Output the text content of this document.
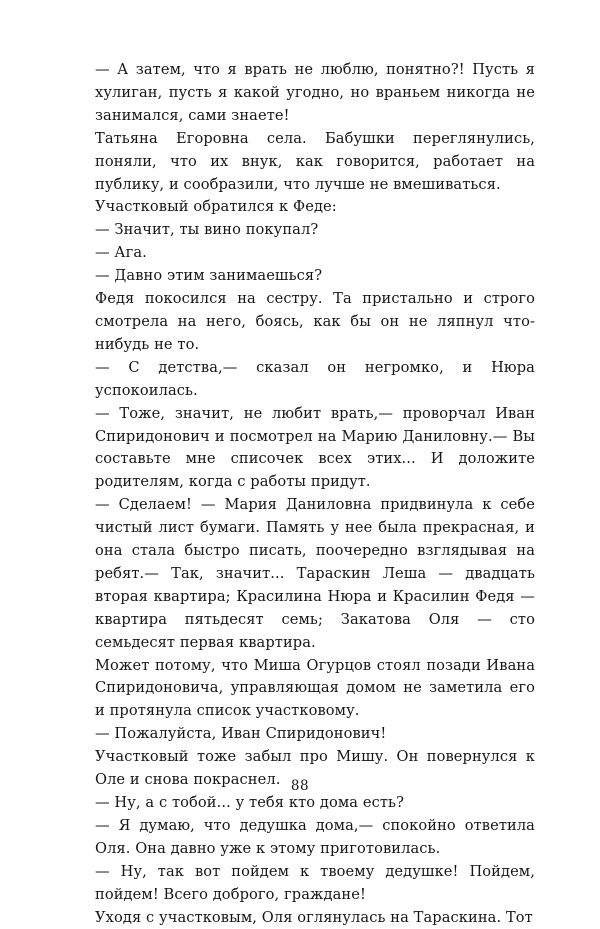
— А затем, что я врать не люблю, понятно?! Пусть я хулиган, пусть я какой угодно, но враньем никогда не занимался, сами знаете!

Татьяна Егоровна села. Бабушки переглянулись, поняли, что их внук, как говорится, работает на публику, и сообразили, что лучше не вмешиваться.

Участковый обратился к Феде:

— Значит, ты вино покупал?

— Ага.

— Давно этим занимаешься?

Федя покосился на сестру. Та пристально и строго смотрела на него, боясь, как бы он не ляпнул что-нибудь не то.

— С детства,— сказал он негромко, и Нюра успокоилась.

— Тоже, значит, не любит врать,— проворчал Иван Спиридонович и посмотрел на Марию Даниловну.— Вы составьте мне списочек всех этих... И доложите родителям, когда с работы придут.

— Сделаем! — Мария Даниловна придвинула к себе чистый лист бумаги. Память у нее была прекрасная, и она стала быстро писать, поочередно взглядывая на ребят.— Так, значит... Тараскин Леша — двадцать вторая квартира; Красилина Нюра и Красилин Федя — квартира пятьдесят семь; Закатова Оля — сто семьдесят первая квартира.

Может потому, что Миша Огурцов стоял позади Ивана Спиридоновича, управляющая домом не заметила его и протянула список участковому.

— Пожалуйста, Иван Спиридонович!

Участковый тоже забыл про Мишу. Он повернулся к Оле и снова покраснел.

— Ну, а с тобой... у тебя кто дома есть?

— Я думаю, что дедушка дома,— спокойно ответила Оля. Она давно уже к этому приготовилась.

— Ну, так вот пойдем к твоему дедушке! Пойдем, пойдем! Всего доброго, граждане!

Уходя с участковым, Оля оглянулась на Тараскина. Тот

88
